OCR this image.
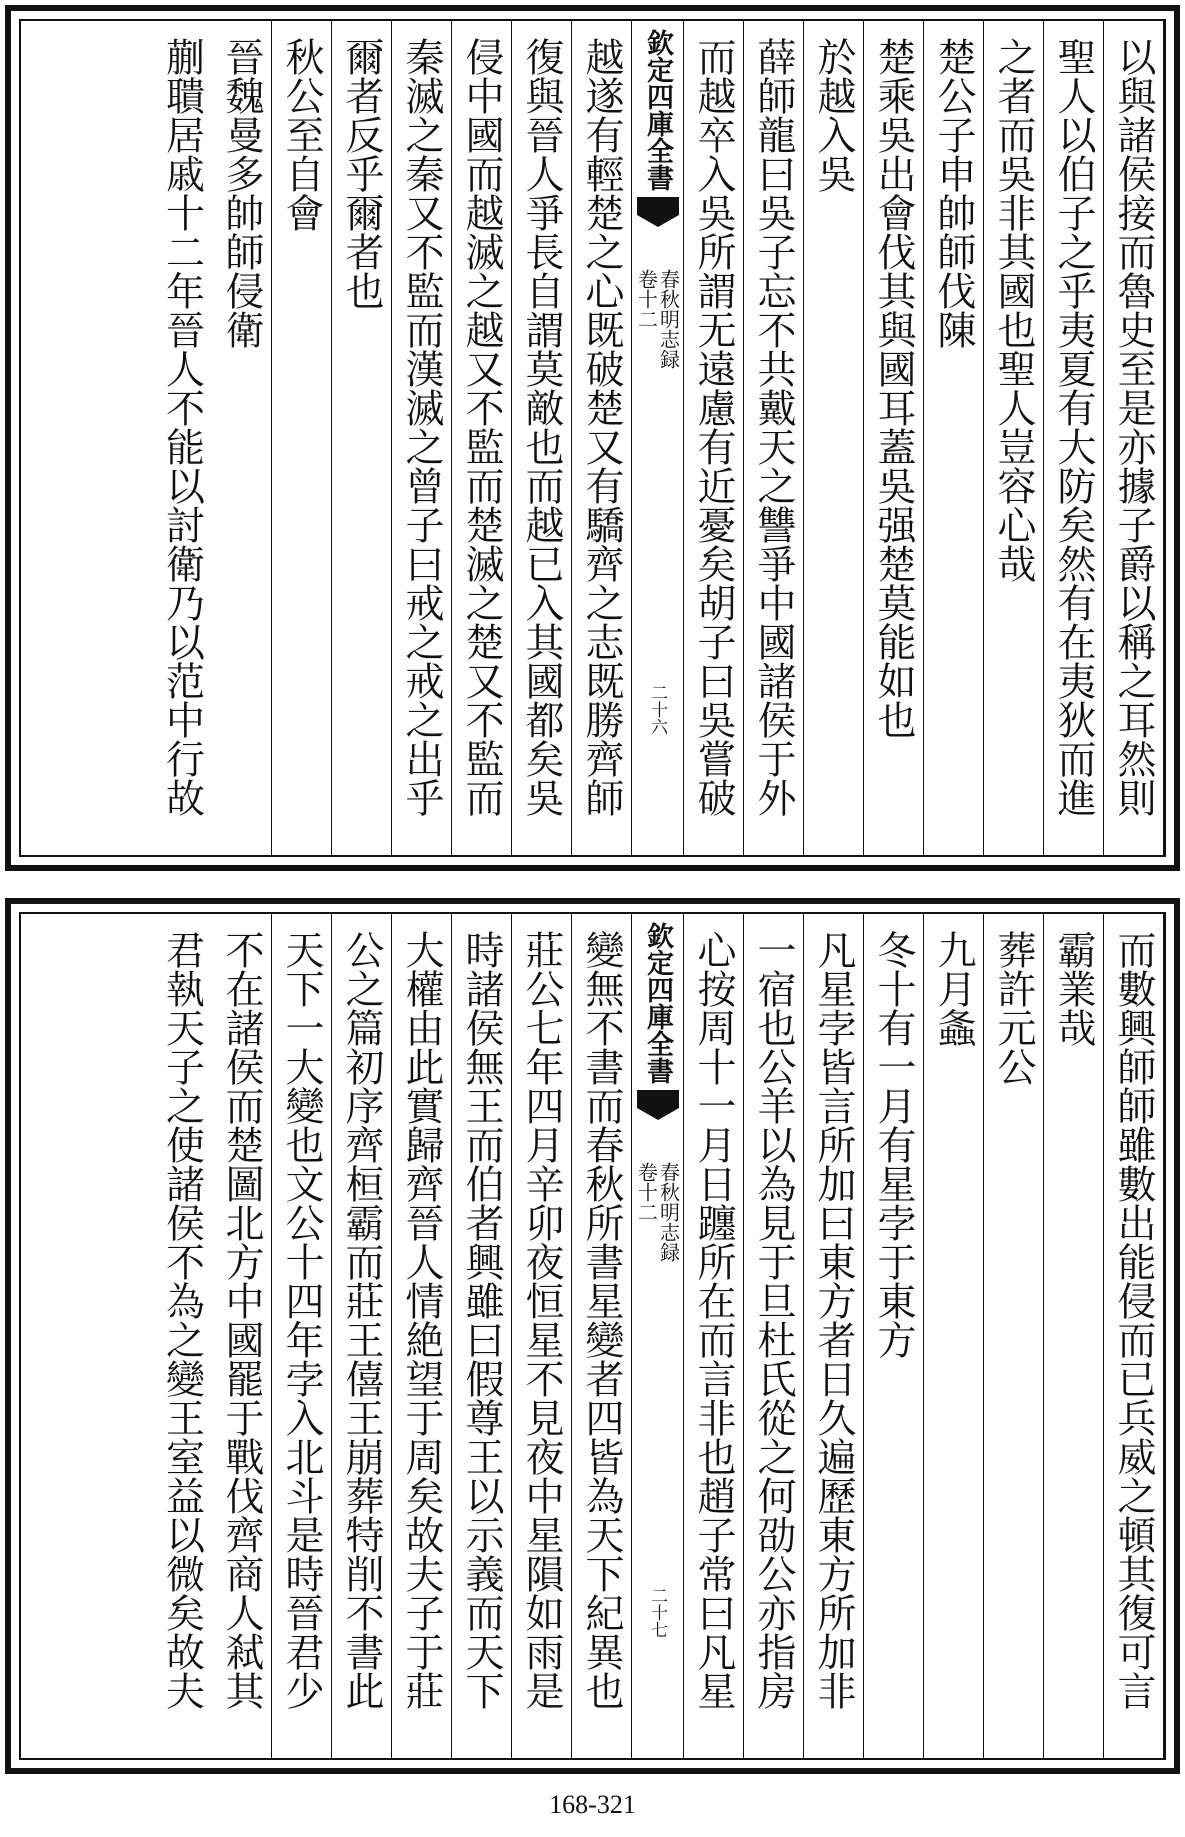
以與諸侯接而魯史至是亦據子爵以稱之耳然則
聖人以伯子之乎夷夏有大防矣然有在夷狄而進
之者而吳非其國也聖人豈容心哉
楚公子申帥師伐陳
楚乘吳出會伐其與國耳蓋吳强楚莫能如也
於越入吳
薛師龍曰吳子忘不共戴天之讐爭中國諸侯于外
而越卒入吳所謂无遠慮有近憂矣胡子曰吳嘗破
欽定四庫全書
春秋明志録
卷十二
二十六
越遂有輕楚之心既破楚又有驕齊之志既勝齊師
復與晉人爭長自謂莫敵也而越已入其國都矣吳
侵中國而越滅之越又不監而楚滅之楚又不監而
秦滅之秦又不監而漢滅之曾子曰戒之戒之出乎
爾者反乎爾者也
秋公至自會
晉魏曼多帥師侵衛
蒯聵居戚十二年晉人不能以討衛乃以范中行故
而數興師師雖數出能侵而已兵威之頓其復可言
霸業哉
葬許元公
九月螽
冬十有一月有星孛于東方
凡星孛皆言所加曰東方者日久遍歷東方所加非
一宿也公羊以為見于旦杜氏從之何劭公亦指房
心按周十一月日躔所在而言非也趙子常曰凡星
欽定四庫全書
春秋明志録
卷十二
二十七
變無不書而春秋所書星變者四皆為天下紀異也
莊公七年四月辛卯夜恒星不見夜中星隕如雨是
時諸侯無王而伯者興雖曰假尊王以示義而天下
大權由此實歸齊晉人情絶望于周矣故夫子于莊
公之篇初序齊桓霸而莊王僖王崩葬特削不書此
天下一大變也文公十四年孛入北斗是時晉君少
不在諸侯而楚圖北方中國罷于戰伐齊商人弒其
君執天子之使諸侯不為之變王室益以微矣故夫
168-321
